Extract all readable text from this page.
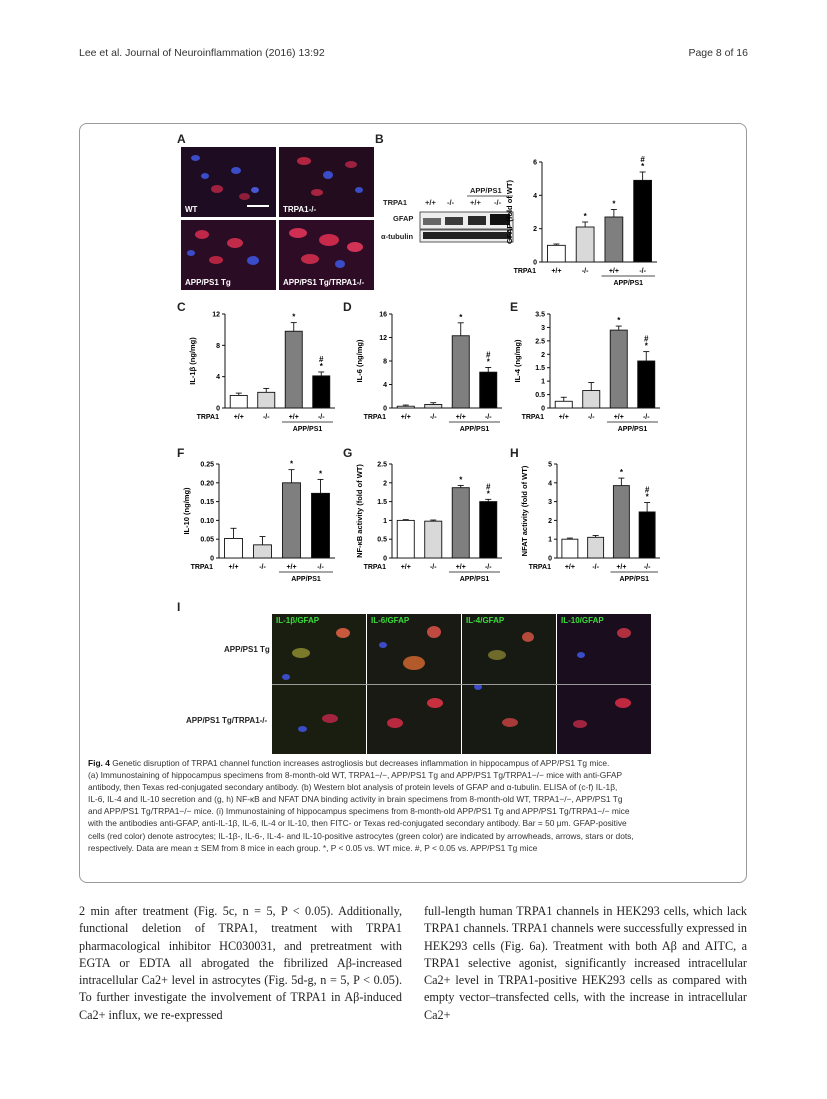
Lee et al. Journal of Neuroinflammation (2016) 13:92	Page 8 of 16
A	B
C	D	E
F	G	H
I
WT	TRPA1-/-
APP/PS1 Tg	APP/PS1 Tg/TRPA1-/-
TRPA1 +/+ -/- +/+ -/-
APP/PS1
GFAP
α-tubulin
0
2
4
6
GFAP (fold of WT)
+/+
*
-/-
*
+/+
#
*
-/-
TRPA1
APP/PS1
0
4
8
12
IL-1β (ng/mg)
+/+	-/-
*
+/+
#
*
-/-
TRPA1
APP/PS1
0
4
8
12
16
IL-6 (ng/mg)
+/+	-/-
*
+/+
#
*
-/-
TRPA1
APP/PS1
0
0.5
1
1.5
2
2.5
3
3.5
IL-4 (ng/mg)
+/+	-/-
*
+/+
#
*
-/-
TRPA1
APP/PS1
0
0.05
0.10
0.15
0.20
0.25
IL-10 (ng/mg)
+/+	-/-
*
+/+
*
-/-
TRPA1
APP/PS1
0
0.5
1
1.5
2
2.5
NF-κB activity (fold of WT)
+/+	-/-
*
+/+
#
*
-/-
TRPA1
APP/PS1
0
1
2
3
4
5
NFAT activity (fold of WT)
+/+ -/-
*
+/+
#
*
-/-
TRPA1
APP/PS1
IL-1β/GFAP	IL-6/GFAP	IL-4/GFAP	IL-10/GFAP
APP/PS1 Tg
APP/PS1 Tg/TRPA1-/-
Fig. 4 Genetic disruption of TRPA1 channel function increases astrogliosis but decreases inflammation in hippocampus of APP/PS1 Tg mice.
(a) Immunostaining of hippocampus specimens from 8-month-old WT, TRPA1−/−, APP/PS1 Tg and APP/PS1 Tg/TRPA1−/− mice with anti-GFAP
antibody, then Texas red-conjugated secondary antibody. (b) Western blot analysis of protein levels of GFAP and α-tubulin. ELISA of (c-f) IL-1β,
IL-6, IL-4 and IL-10 secretion and (g, h) NF-κB and NFAT DNA binding activity in brain specimens from 8-month-old WT, TRPA1−/−, APP/PS1 Tg
and APP/PS1 Tg/TRPA1−/− mice. (i) Immunostaining of hippocampus specimens from 8-month-old APP/PS1 Tg and APP/PS1 Tg/TRPA1−/− mice
with the antibodies anti-GFAP, anti-IL-1β, IL-6, IL-4 or IL-10, then FITC- or Texas red-conjugated secondary antibody. Bar = 50 μm. GFAP-positive
cells (red color) denote astrocytes; IL-1β-, IL-6-, IL-4- and IL-10-positive astrocytes (green color) are indicated by arrowheads, arrows, stars or dots,
respectively. Data are mean ± SEM from 8 mice in each group. *, P < 0.05 vs. WT mice. #, P < 0.05 vs. APP/PS1 Tg mice
2 min after treatment (Fig. 5c, n = 5, P < 0.05). Additionally, functional deletion of TRPA1, treatment with TRPA1 pharmacological inhibitor HC030031, and pretreatment with EGTA or EDTA all abrogated the fibrilized Aβ-increased intracellular Ca2+ level in astrocytes (Fig. 5d-g, n = 5, P < 0.05). To further investigate the involvement of TRPA1 in Aβ-induced Ca2+ influx, we re-expressed
full-length human TRPA1 channels in HEK293 cells, which lack TRPA1 channels. TRPA1 channels were successfully expressed in HEK293 cells (Fig. 6a). Treatment with both Aβ and AITC, a TRPA1 selective agonist, significantly increased intracellular Ca2+ level in TRPA1-positive HEK293 cells as compared with empty vector–transfected cells, with the increase in intracellular Ca2+
